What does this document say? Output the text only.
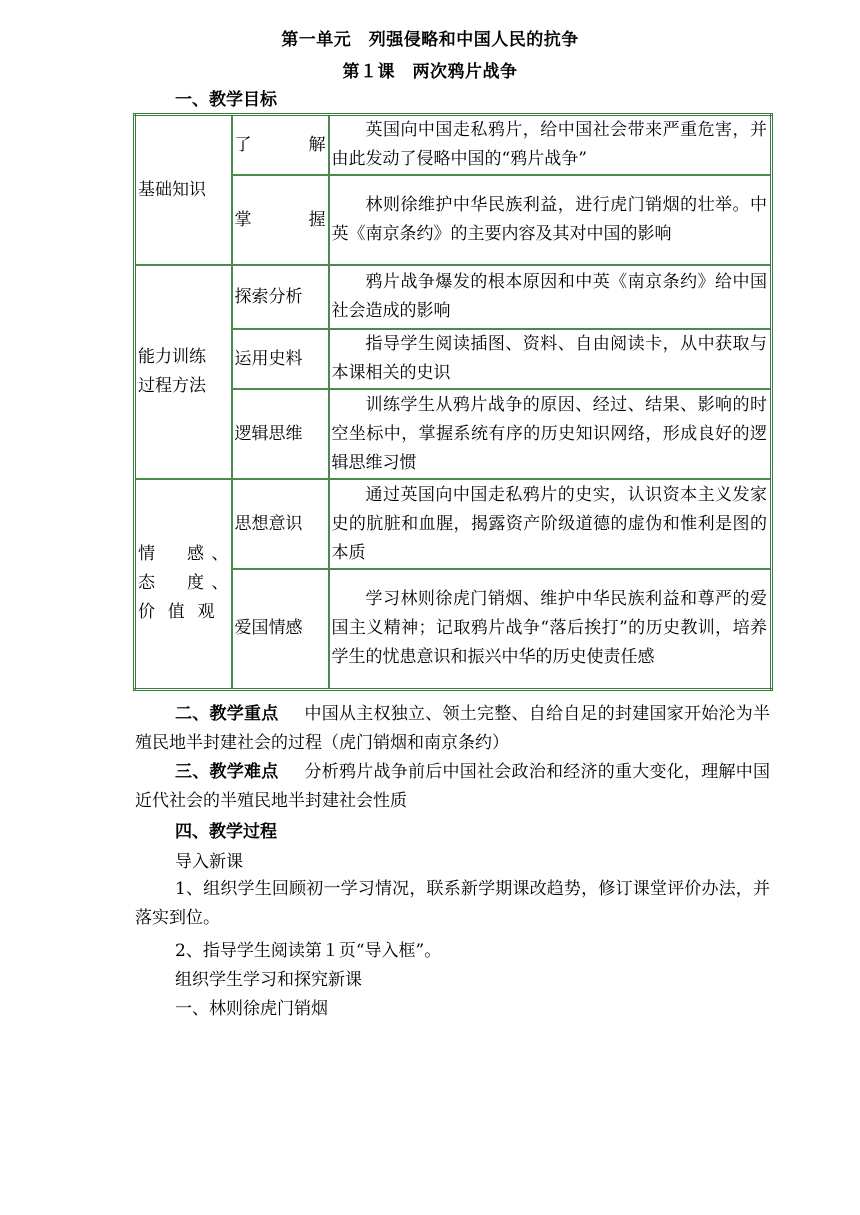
第一单元　列强侵略和中国人民的抗争
第１课　两次鸦片战争
一、教学目标
基础知识	了　　解	英国向中国走私鸦片，给中国社会带来严重危害，并由此发动了侵略中国的“鸦片战争”
	掌　　握	林则徐维护中华民族利益，进行虎门销烟的壮举。中英《南京条约》的主要内容及其对中国的影响

能力训练
过程方法	探索分析	鸦片战争爆发的根本原因和中英《南京条约》给中国社会造成的影响
	运用史料	指导学生阅读插图、资料、自由阅读卡，从中获取与本课相关的史识
	逻辑思维	训练学生从鸦片战争的原因、经过、结果、影响的时空坐标中，掌握系统有序的历史知识网络，形成良好的逻辑思维习惯

情　感、
态　度、
价值观	思想意识	通过英国向中国走私鸦片的史实，认识资本主义发家史的肮脏和血腥，揭露资产阶级道德的虚伪和惟利是图的本质
	爱国情感	学习林则徐虎门销烟、维护中华民族利益和尊严的爱国主义精神；记取鸦片战争“落后挨打”的历史教训，培养学生的忧患意识和振兴中华的历史使责任感
二、教学重点 中国从主权独立、领土完整、自给自足的封建国家开始沦为半殖民地半封建社会的过程（虎门销烟和南京条约）
三、教学难点 分析鸦片战争前后中国社会政治和经济的重大变化，理解中国近代社会的半殖民地半封建社会性质
四、教学过程
导入新课
1、组织学生回顾初一学习情况，联系新学期课改趋势，修订课堂评价办法，并落实到位。
2、指导学生阅读第１页“导入框”。
组织学生学习和探究新课
一、林则徐虎门销烟
